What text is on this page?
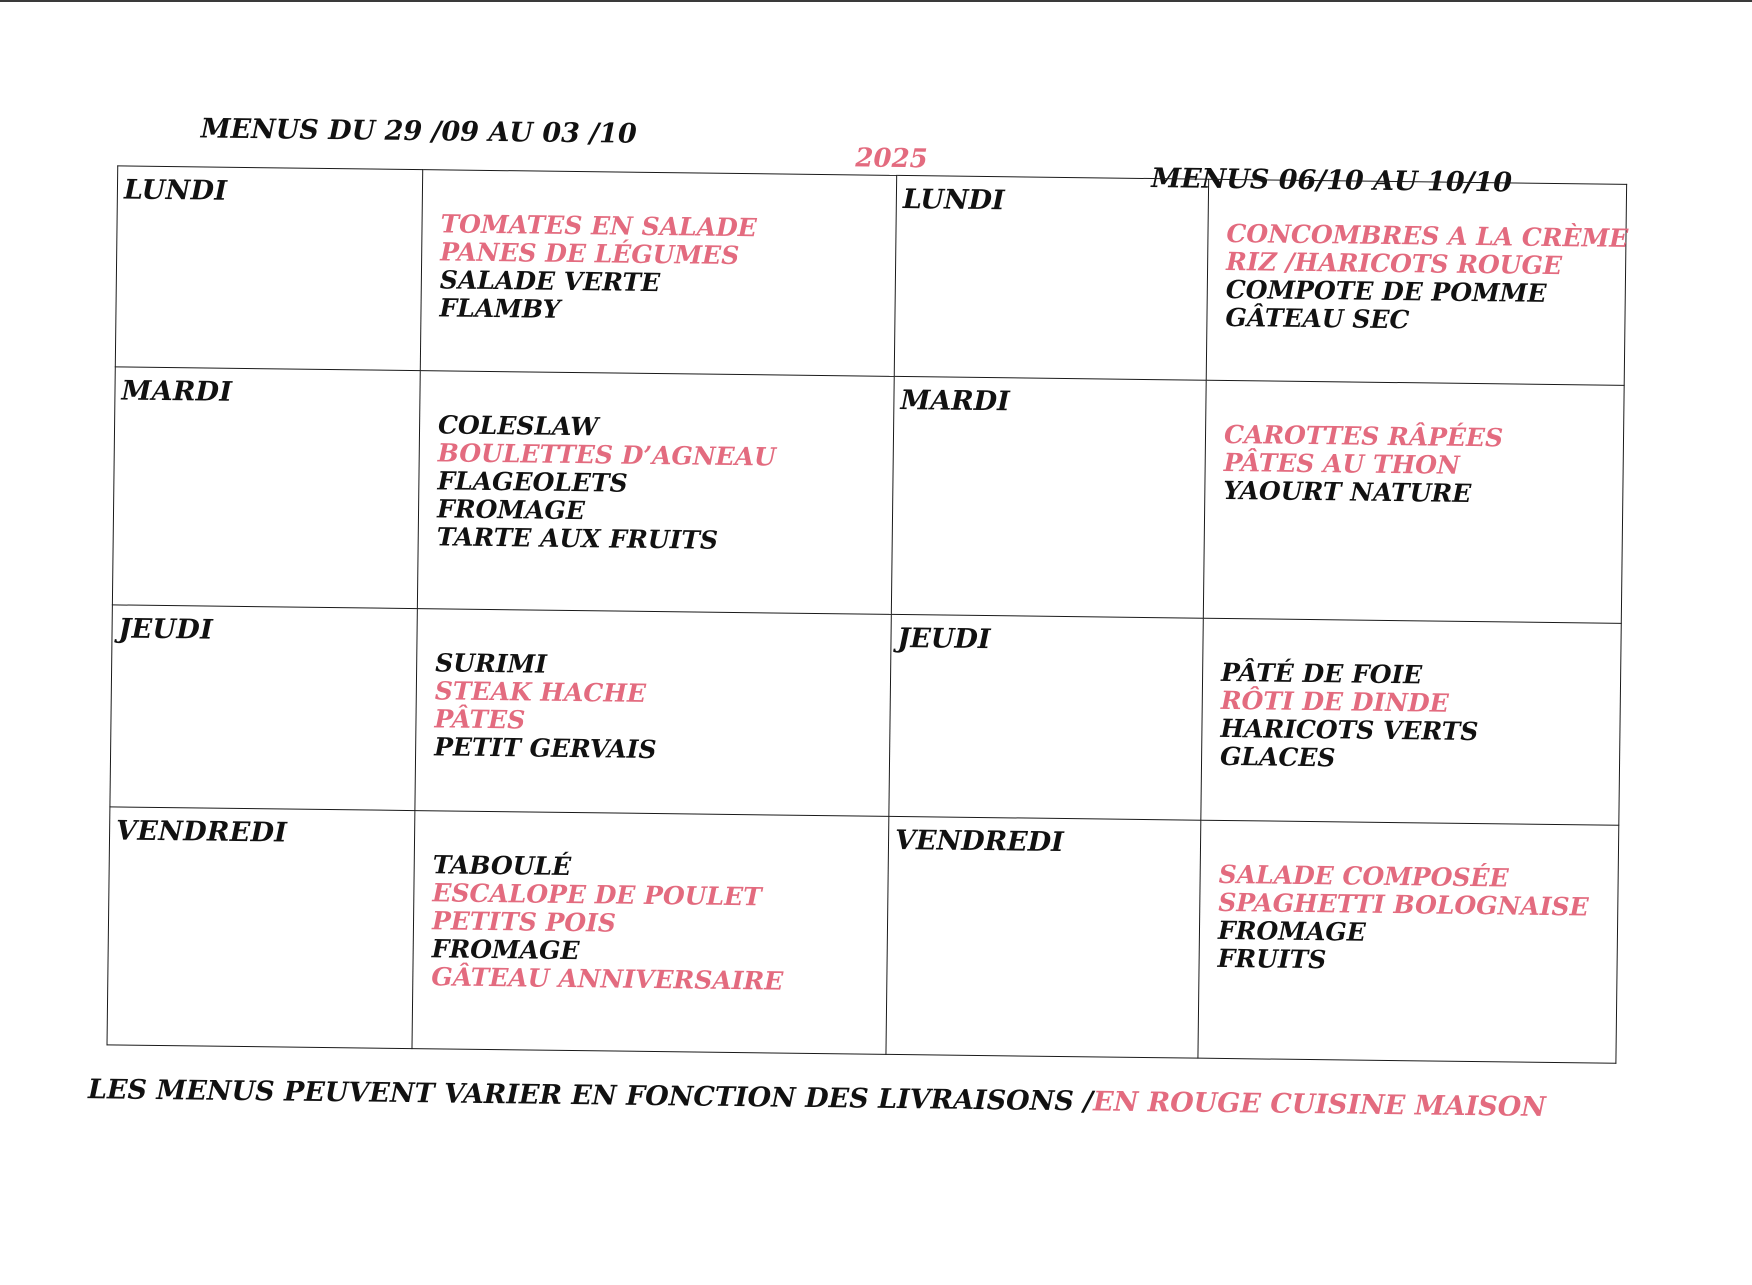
MENUS DU 29 /09 AU 03 /10
2025
MENUS 06/10 AU 10/10
LUNDI	TOMATES EN SALADE
PANES DE LÉGUMES
SALADE VERTE
FLAMBY	LUNDI	CONCOMBRES A LA CRÈME
RIZ /HARICOTS ROUGE
COMPOTE DE POMME
GÂTEAU SEC

MARDI	COLESLAW
BOULETTES D’AGNEAU
FLAGEOLETS
FROMAGE
TARTE AUX FRUITS	MARDI	CAROTTES RÂPÉES
PÂTES AU THON
YAOURT NATURE

JEUDI	SURIMI
STEAK HACHE
PÂTES
PETIT GERVAIS	JEUDI	PÂTÉ DE FOIE
RÔTI DE DINDE
HARICOTS VERTS
GLACES

VENDREDI	TABOULÉ
ESCALOPE DE POULET
PETITS POIS
FROMAGE
GÂTEAU ANNIVERSAIRE	VENDREDI	SALADE COMPOSÉE
SPAGHETTI BOLOGNAISE
FROMAGE
FRUITS
LES MENUS PEUVENT VARIER EN FONCTION DES LIVRAISONS /EN ROUGE CUISINE MAISON
